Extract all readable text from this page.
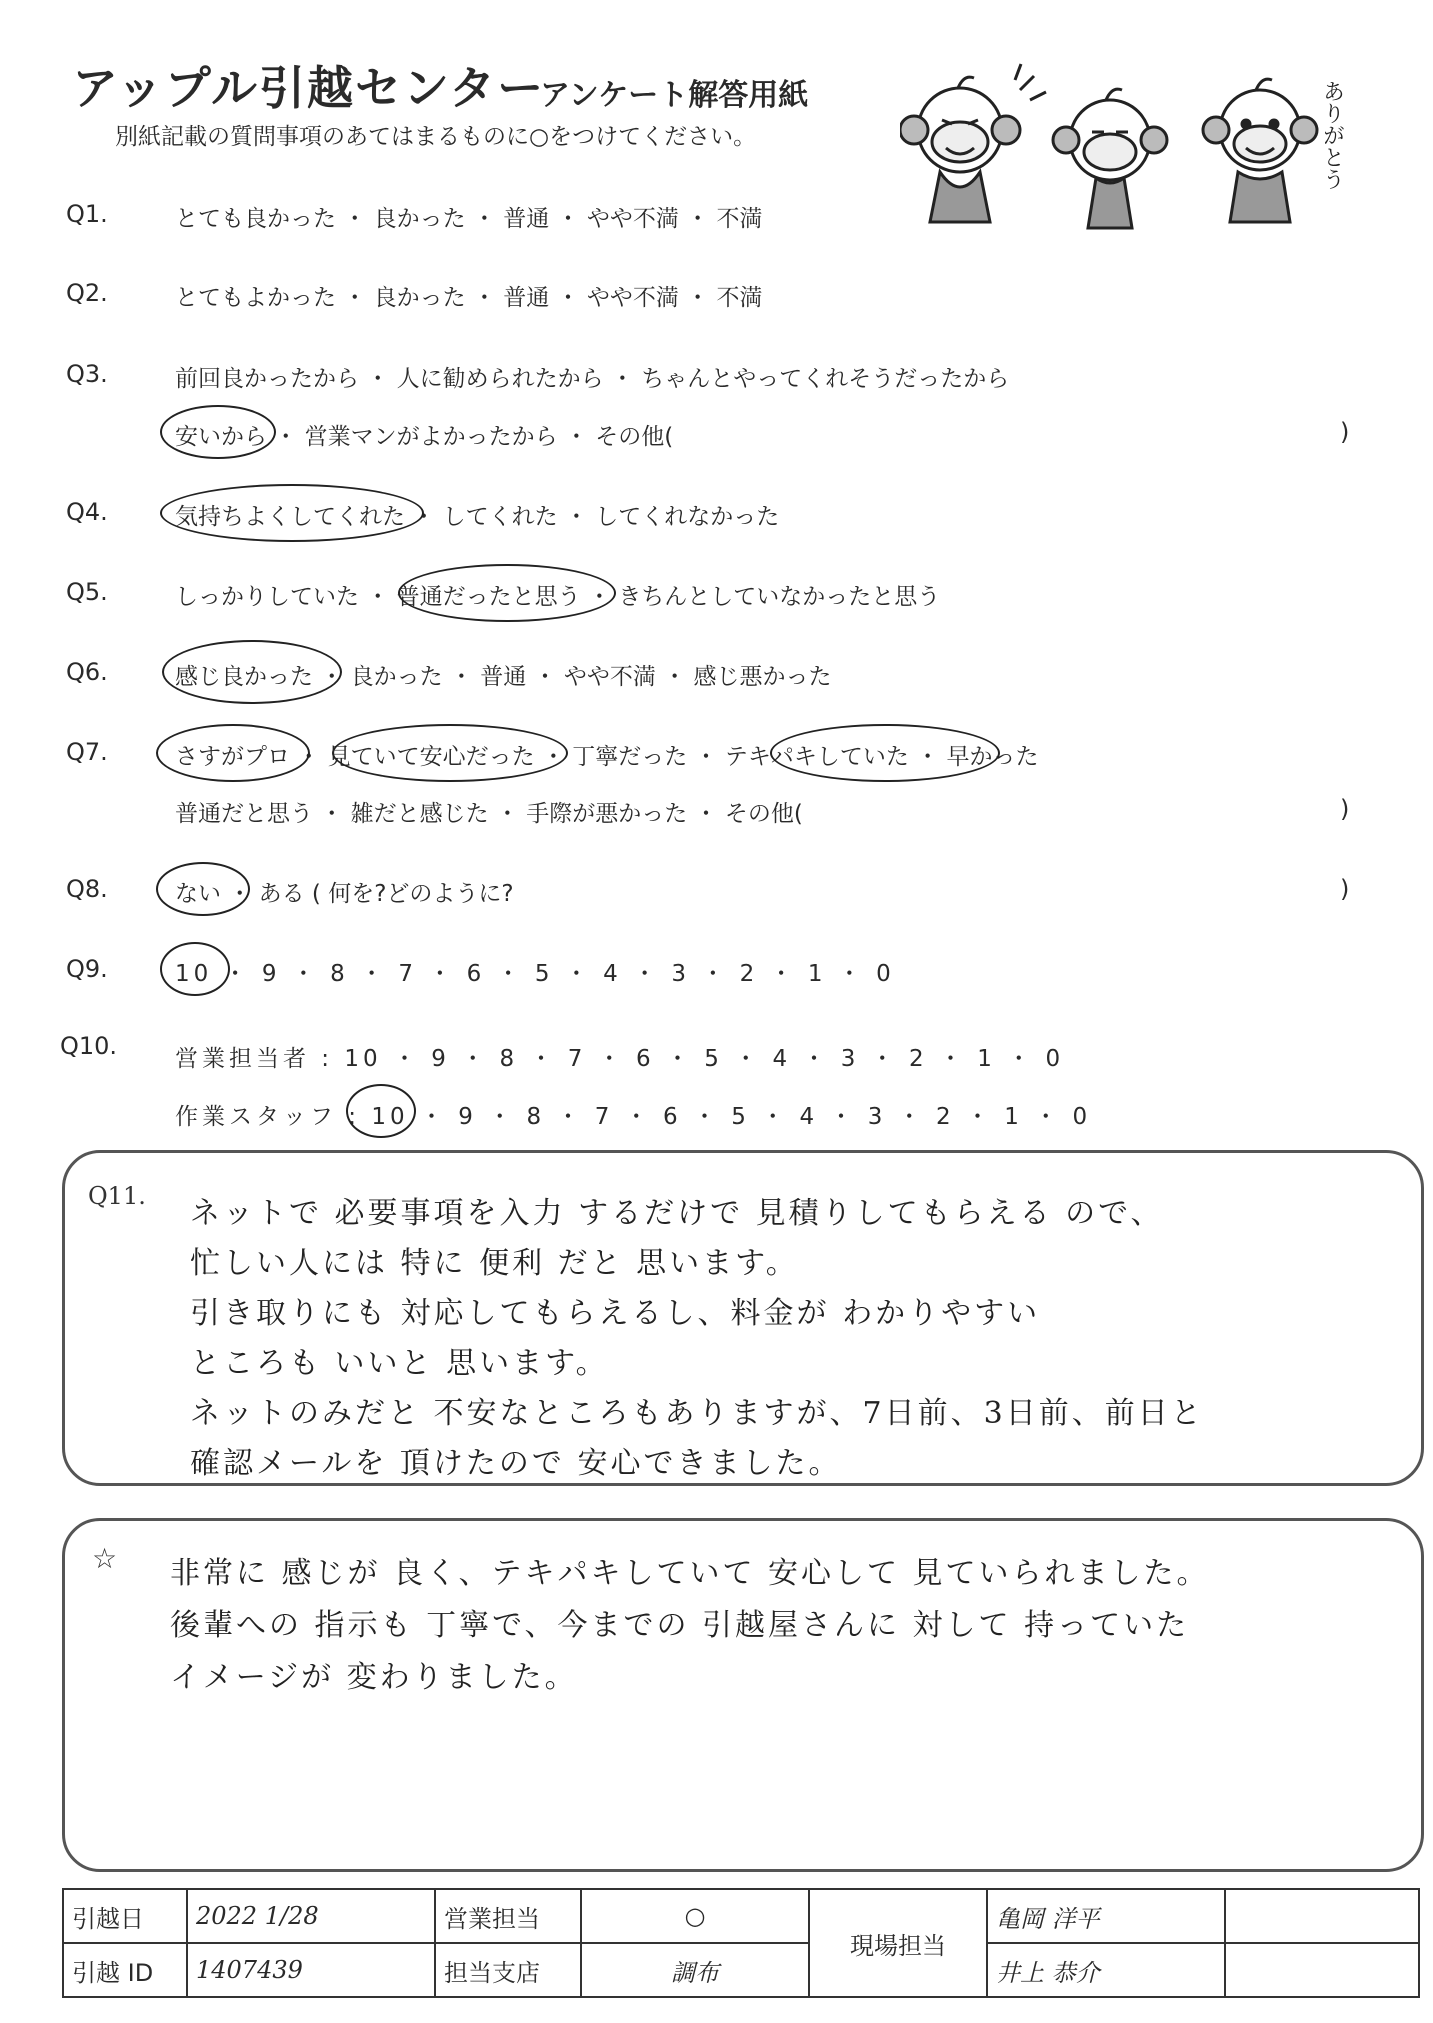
アップル引越センター
アンケート解答用紙
別紙記載の質問事項のあてはまるものに○をつけてください。	ありがとう
Q1.	とても良かった ・ 良かった ・ 普通 ・ やや不満 ・ 不満
Q2.	とてもよかった ・ 良かった ・ 普通 ・ やや不満 ・ 不満
Q3.	前回良かったから ・ 人に勧められたから ・ ちゃんとやってくれそうだったから
安いから ・ 営業マンがよかったから ・ その他(	)
Q4.	気持ちよくしてくれた ・ してくれた ・ してくれなかった
Q5.	しっかりしていた ・ 普通だったと思う ・ きちんとしていなかったと思う
Q6.	感じ良かった ・ 良かった ・ 普通 ・ やや不満 ・ 感じ悪かった
Q7.	さすがプロ ・ 見ていて安心だった ・ 丁寧だった ・ テキパキしていた ・ 早かった
普通だと思う ・ 雑だと感じた ・ 手際が悪かった ・ その他(	)
Q8.	ない ・ ある ( 何を?どのように?	)
Q9.	10 ・ 9 ・ 8 ・ 7 ・ 6 ・ 5 ・ 4 ・ 3 ・ 2 ・ 1 ・ 0
Q10.	営業担当者 : 10 ・ 9 ・ 8 ・ 7 ・ 6 ・ 5 ・ 4 ・ 3 ・ 2 ・ 1 ・ 0
作業スタッフ : 10 ・ 9 ・ 8 ・ 7 ・ 6 ・ 5 ・ 4 ・ 3 ・ 2 ・ 1 ・ 0
Q11. ネットで 必要事項を入力 するだけで 見積りしてもらえる ので、
忙しい人には 特に 便利 だと 思います。
引き取りにも 対応してもらえるし、料金が わかりやすい
ところも いいと 思います。
ネットのみだと 不安なところもありますが、7日前、3日前、前日と
確認メールを 頂けたので 安心できました。
☆ 非常に 感じが 良く、テキパキしていて 安心して 見ていられました。
後輩への 指示も 丁寧で、今までの 引越屋さんに 対して 持っていた
イメージが 変わりました。
引越日	2022 1/28	営業担当	○	現場担当	亀岡 洋平	
引越 ID	1407439	担当支店	調布		井上 恭介	
